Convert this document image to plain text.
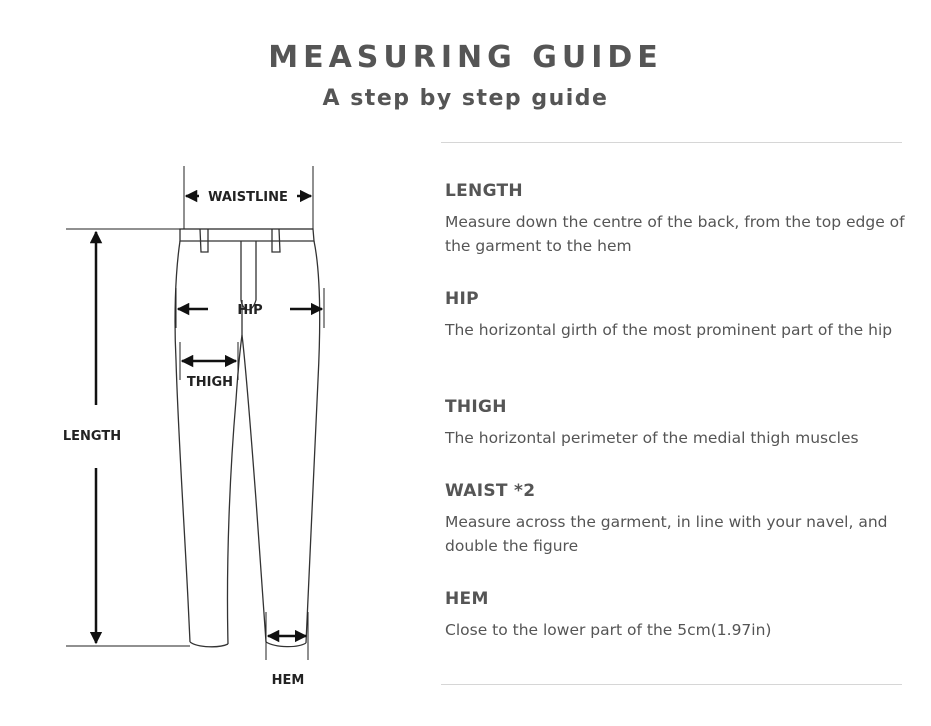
MEASURING GUIDE
A step by step guide
WAISTLINE
HIP
THIGH
LENGTH
HEM
LENGTH
Measure down the centre of the back, from the top edge of the garment to the hem
HIP
The horizontal girth of the most prominent part of the hip
THIGH
The horizontal perimeter of the medial thigh muscles
WAIST *2
Measure across the garment, in line with your navel, and double the figure
HEM
Close to the lower part of the 5cm(1.97in)
